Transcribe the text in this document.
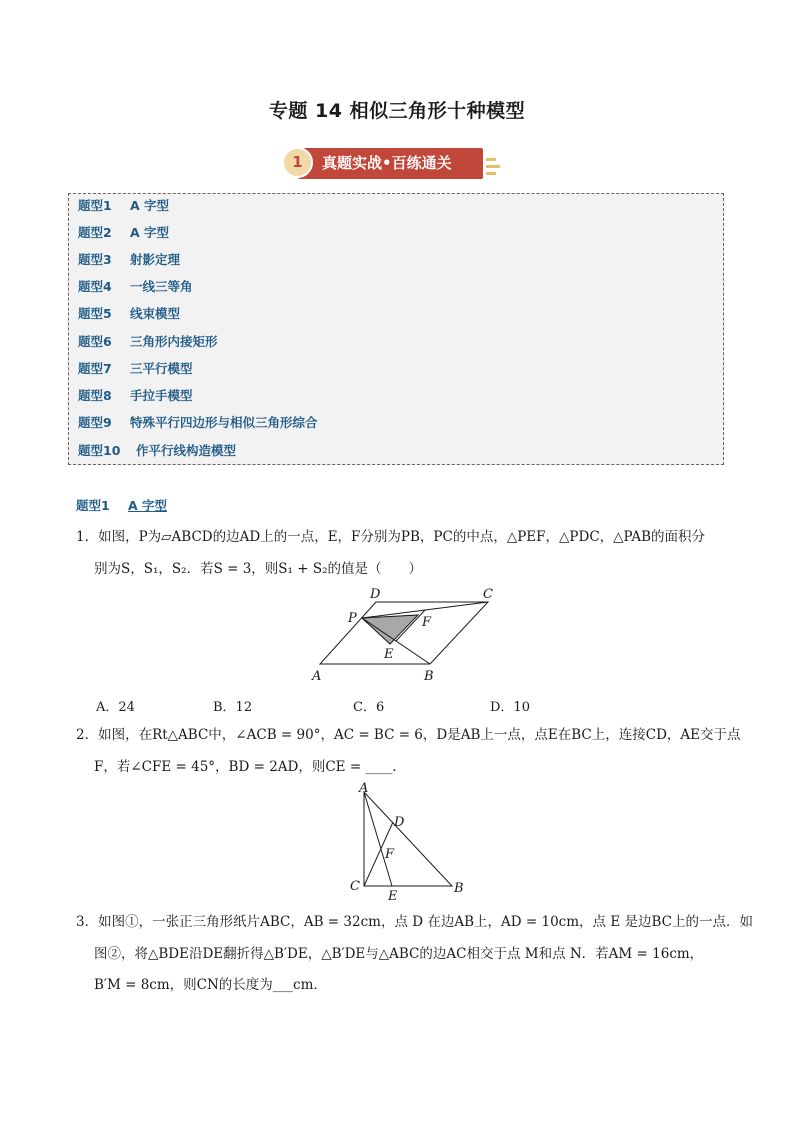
专题 14 相似三角形十种模型
真题实战•百练通关
1
题型1 A 字型
题型2 A 字型
题型3 射影定理
题型4 一线三等角
题型5 线束模型
题型6 三角形内接矩形
题型7 三平行模型
题型8 手拉手模型
题型9 特殊平行四边形与相似三角形综合
题型10 作平行线构造模型
题型1 A 字型
1．如图，P为▱ABCD的边AD上的一点，E，F分别为PB，PC的中点，△PEF，△PDC，△PAB的面积分
别为S，S₁，S₂．若S = 3，则S₁ + S₂的值是（　　）
D	C
P	F
E
A	B
A．24	B．12	C．6	D．10
2．如图，在Rt△ABC中，∠ACB = 90°，AC = BC = 6，D是AB上一点，点E在BC上，连接CD，AE交于点
F，若∠CFE = 45°，BD = 2AD，则CE = ____．
A
D
F
C
E
B
3．如图①，一张正三角形纸片ABC，AB = 32cm，点 D 在边AB上，AD = 10cm，点 E 是边BC上的一点．如
图②，将△BDE沿DE翻折得△B′DE，△B′DE与△ABC的边AC相交于点 M和点 N．若AM = 16cm，
B′M = 8cm，则CN的长度为___cm．
